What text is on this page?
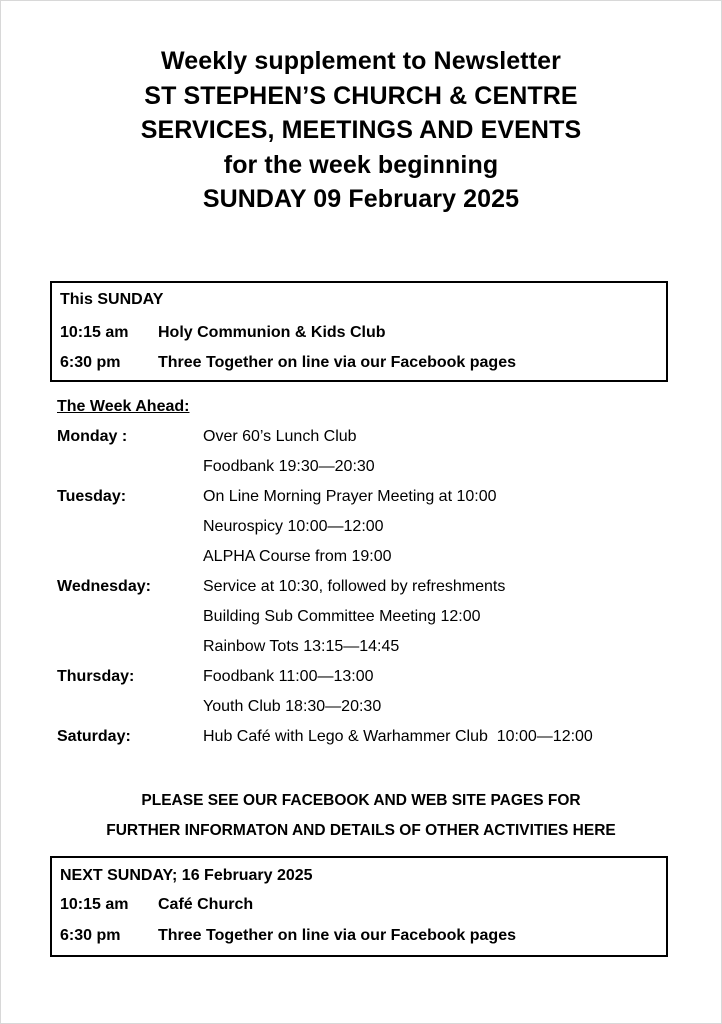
Weekly supplement to Newsletter
ST STEPHEN’S CHURCH & CENTRE
SERVICES, MEETINGS AND EVENTS
for the week beginning
SUNDAY 09 February 2025
This SUNDAY
10:15 am Holy Communion & Kids Club
6:30 pm Three Together on line via our Facebook pages
The Week Ahead:
Monday :	Over 60’s Lunch Club
Foodbank 19:30—20:30
Tuesday:	On Line Morning Prayer Meeting at 10:00
Neurospicy 10:00—12:00
ALPHA Course from 19:00
Wednesday:	Service at 10:30, followed by refreshments
Building Sub Committee Meeting 12:00
Rainbow Tots 13:15—14:45
Thursday:	Foodbank 11:00—13:00
Youth Club 18:30—20:30
Saturday:	Hub Café with Lego & Warhammer Club  10:00—12:00
PLEASE SEE OUR FACEBOOK AND WEB SITE PAGES FOR
FURTHER INFORMATON AND DETAILS OF OTHER ACTIVITIES HERE
NEXT SUNDAY; 16 February 2025
10:15 am Café Church
6:30 pm Three Together on line via our Facebook pages
